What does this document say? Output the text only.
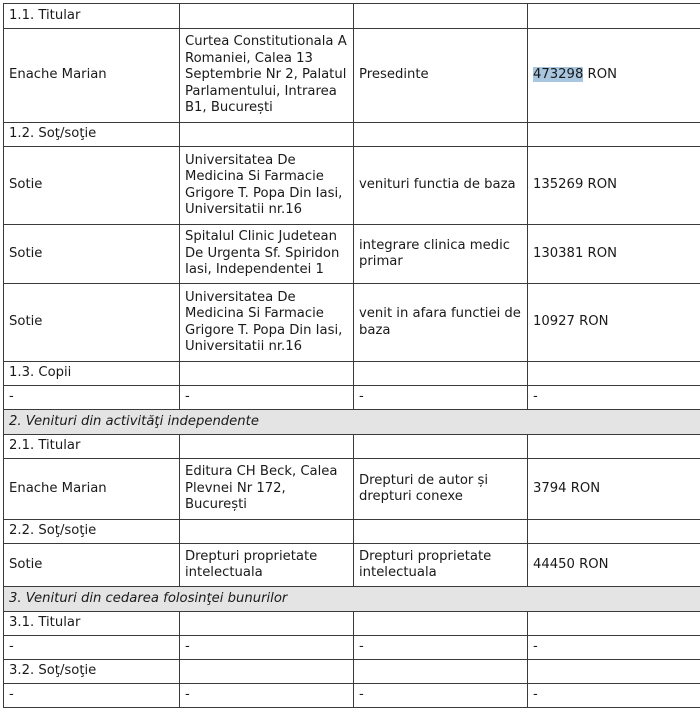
1.1. Titular			
Enache Marian	Curtea Constitutionala A Romaniei, Calea 13 Septembrie Nr 2, Palatul Parlamentului, Intrarea B1, București	Presedinte	473298 RON
1.2. Soţ/soţie			
Sotie	Universitatea De Medicina Si Farmacie Grigore T. Popa Din Iasi, Universitatii nr.16	venituri functia de baza	135269 RON
Sotie	Spitalul Clinic Judetean De Urgenta Sf. Spiridon Iasi, Independentei 1	integrare clinica medic primar	130381 RON
Sotie	Universitatea De Medicina Si Farmacie Grigore T. Popa Din Iasi, Universitatii nr.16	venit in afara functiei de baza	10927 RON
1.3. Copii			
-	-	-	-
2. Venituri din activităţi independente			
2.1. Titular			
Enache Marian	Editura CH Beck, Calea Plevnei Nr 172, București	Drepturi de autor și drepturi conexe	3794 RON
2.2. Soţ/soţie			
Sotie	Drepturi proprietate intelectuala	Drepturi proprietate intelectuala	44450 RON
3. Venituri din cedarea folosinţei bunurilor			
3.1. Titular			
-	-	-	-
3.2. Soţ/soţie			
-	-	-	-
